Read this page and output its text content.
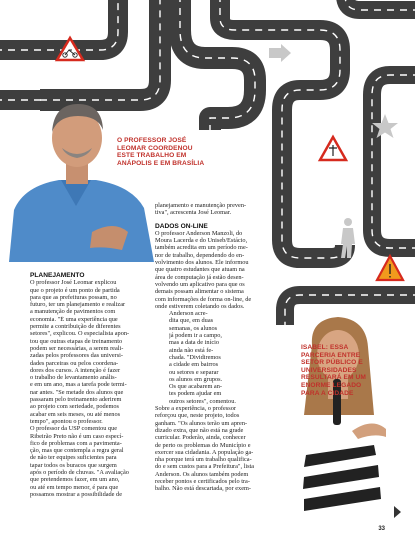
O PROFESSOR JOSÉ
LEOMAR COORDENOU
ESTE TRABALHO EM
ANÁPOLIS E EM BRASÍLIA
ISABEL: ESSA
PARCERIA ENTRE
SETOR PÚBLICO E
UNIVERSIDADES
RESULTARÁ EM UM
ENORME LEGADO
PARA A CIDADE
PLANEJAMENTO
O professor José Leomar explicou
que o projeto é um ponto de partida
para que as prefeituras possam, no
futuro, ter um planejamento e realizar
a manutenção de pavimentos com
economia. "É uma experiência que
permite a contribuição de diferentes
setores", explicou. O especialista apon-
tou que outras etapas de treinamento
podem ser necessárias, a serem reali-
zadas pelos professores das universi-
dades parceiras ou pelos coordena-
dores dos cursos. A intenção é fazer
o trabalho de levantamento anális-
e em um ano, mas a tarefa pode termi-
nar antes. "Se metade dos alunos que
passaram pelo treinamento aderirem
ao projeto com seriedade, podemos
acabar em seis meses, ou até menos
tempo", apontou o professor.
O professor da USP comentou que
Ribeirão Preto não é um caso especí-
fico de problemas com a pavimenta-
ção, mas que contempla a regra geral
de não ter equipes suficientes para
tapar todos os buracos que surgem
após o período de chuvas. "A avaliação
que pretendemos fazer, em um ano,
ou até em tempo menor, é para que
possamos mostrar a possibilidade de
planejamento e manutenção preven-
tiva", acrescenta José Leomar.
DADOS ON-LINE
O professor Anderson Manzoli, do
Moura Lacerda e do Uniseb/Estácio,
também acredita em um período me-
nor de trabalho, dependendo do en-
volvimento dos alunos. Ele informou
que quatro estudantes que atuam na
área de computação já estão desen-
volvendo um aplicativo para que os
demais possam alimentar o sistema
com informações de forma on-line, de
onde estiverem coletando os dados.
Anderson acre-
dita que, em duas
semanas, os alunos
já podem ir a campo,
mas a data de início
ainda não está fe-
chada. "Dividiremos
a cidade em bairros
ou setores e separar
os alunos em grupos.
Os que acabarem an-
tes podem ajudar em
outros setores", comentou.
Sobre a experiência, o professor
reforçou que, neste projeto, todos
ganham. "Os alunos terão um apren-
dizado extra, que não está na grade
curricular. Poderão, ainda, conhecer
de perto os problemas do Município e
exercer sua cidadania. A população ga-
nha porque terá um trabalho qualifica-
do e sem custos para a Prefeitura", lista
Anderson. Os alunos também podem
receber pontos e certificados pelo tra-
balho. Não está descartada, por exem-
33
